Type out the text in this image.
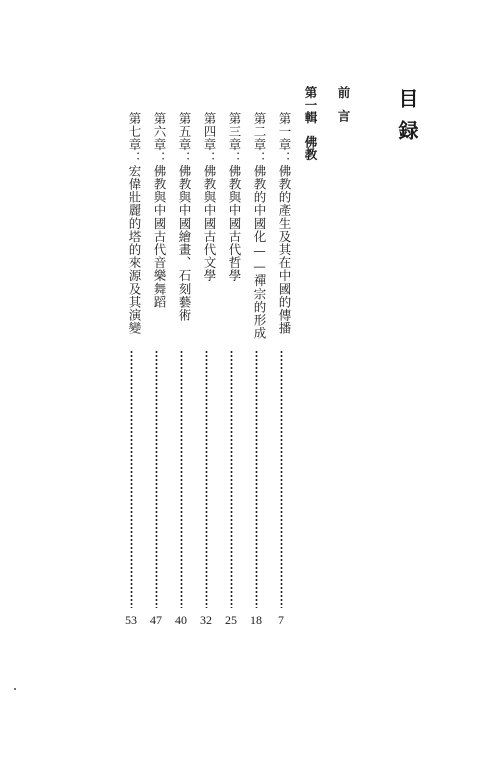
目録
前言
第一輯佛教
第一章：佛教的產生及其在中國的傳播
7
第二章：佛教的中國化——禪宗的形成
18
第三章：佛教與中國古代哲學
25
第四章：佛教與中國古代文學
32
第五章：佛教與中國繪畫、石刻藝術
40
第六章：佛教與中國古代音樂舞蹈
47
第七章：宏偉壯麗的塔的來源及其演變
53
